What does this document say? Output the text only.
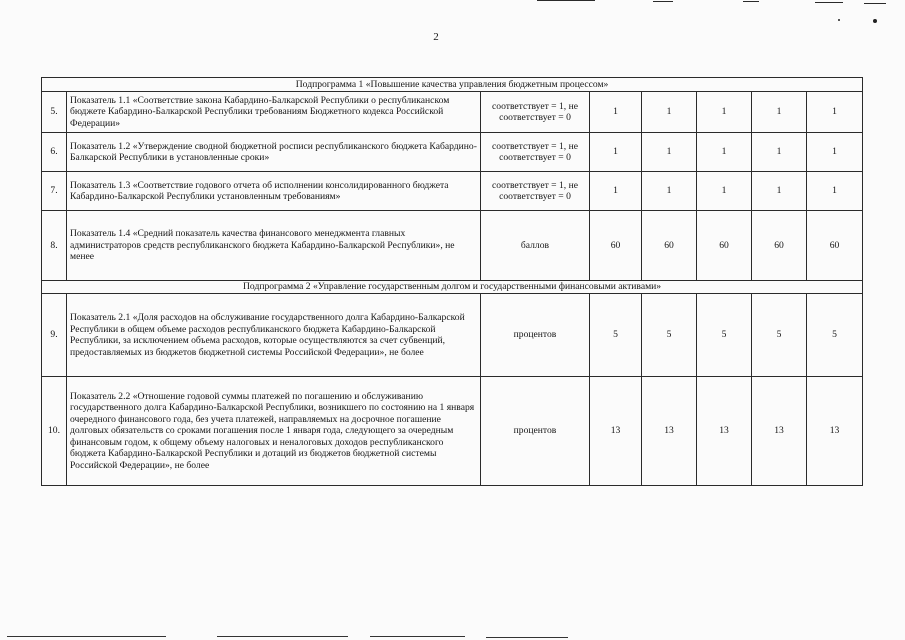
2
Подпрограмма 1 «Повышение качества управления бюджетным процессом»							
5.	Показатель 1.1 «Соответствие закона Кабардино-Балкарской Республики о республиканском бюджете Кабардино-Балкарской Республики требованиям Бюджетного кодекса Российской Федерации»	соответствует = 1, не соответствует = 0	1	1	1	1	1
6.	Показатель 1.2 «Утверждение сводной бюджетной росписи республиканского бюджета Кабардино-Балкарской Республики в установленные сроки»	соответствует = 1, не соответствует = 0	1	1	1	1	1
7.	Показатель 1.3 «Соответствие годового отчета об исполнении консолидированного бюджета Кабардино-Балкарской Республики установленным требованиям»	соответствует = 1, не соответствует = 0	1	1	1	1	1
8.	Показатель 1.4 «Средний показатель качества финансового менеджмента главных администраторов средств республиканского бюджета Кабардино-Балкарской Республики», не менее	баллов	60	60	60	60	60
Подпрограмма 2 «Управление государственным долгом и государственными финансовыми активами»							
9.	Показатель 2.1 «Доля расходов на обслуживание государственного долга Кабардино-Балкарской Республики в общем объеме расходов республиканского бюджета Кабардино-Балкарской Республики, за исключением объема расходов, которые осуществляются за счет субвенций, предоставляемых из бюджетов бюджетной системы Российской Федерации», не более	процентов	5	5	5	5	5
10.	Показатель 2.2 «Отношение годовой суммы платежей по погашению и обслуживанию государственного долга Кабардино-Балкарской Республики, возникшего по состоянию на 1 января очередного финансового года, без учета платежей, направляемых на досрочное погашение долговых обязательств со сроками погашения после 1 января года, следующего за очередным финансовым годом, к общему объему налоговых и неналоговых доходов республиканского бюджета Кабардино-Балкарской Республики и дотаций из бюджетов бюджетной системы Российской Федерации», не более	процентов	13	13	13	13	13
